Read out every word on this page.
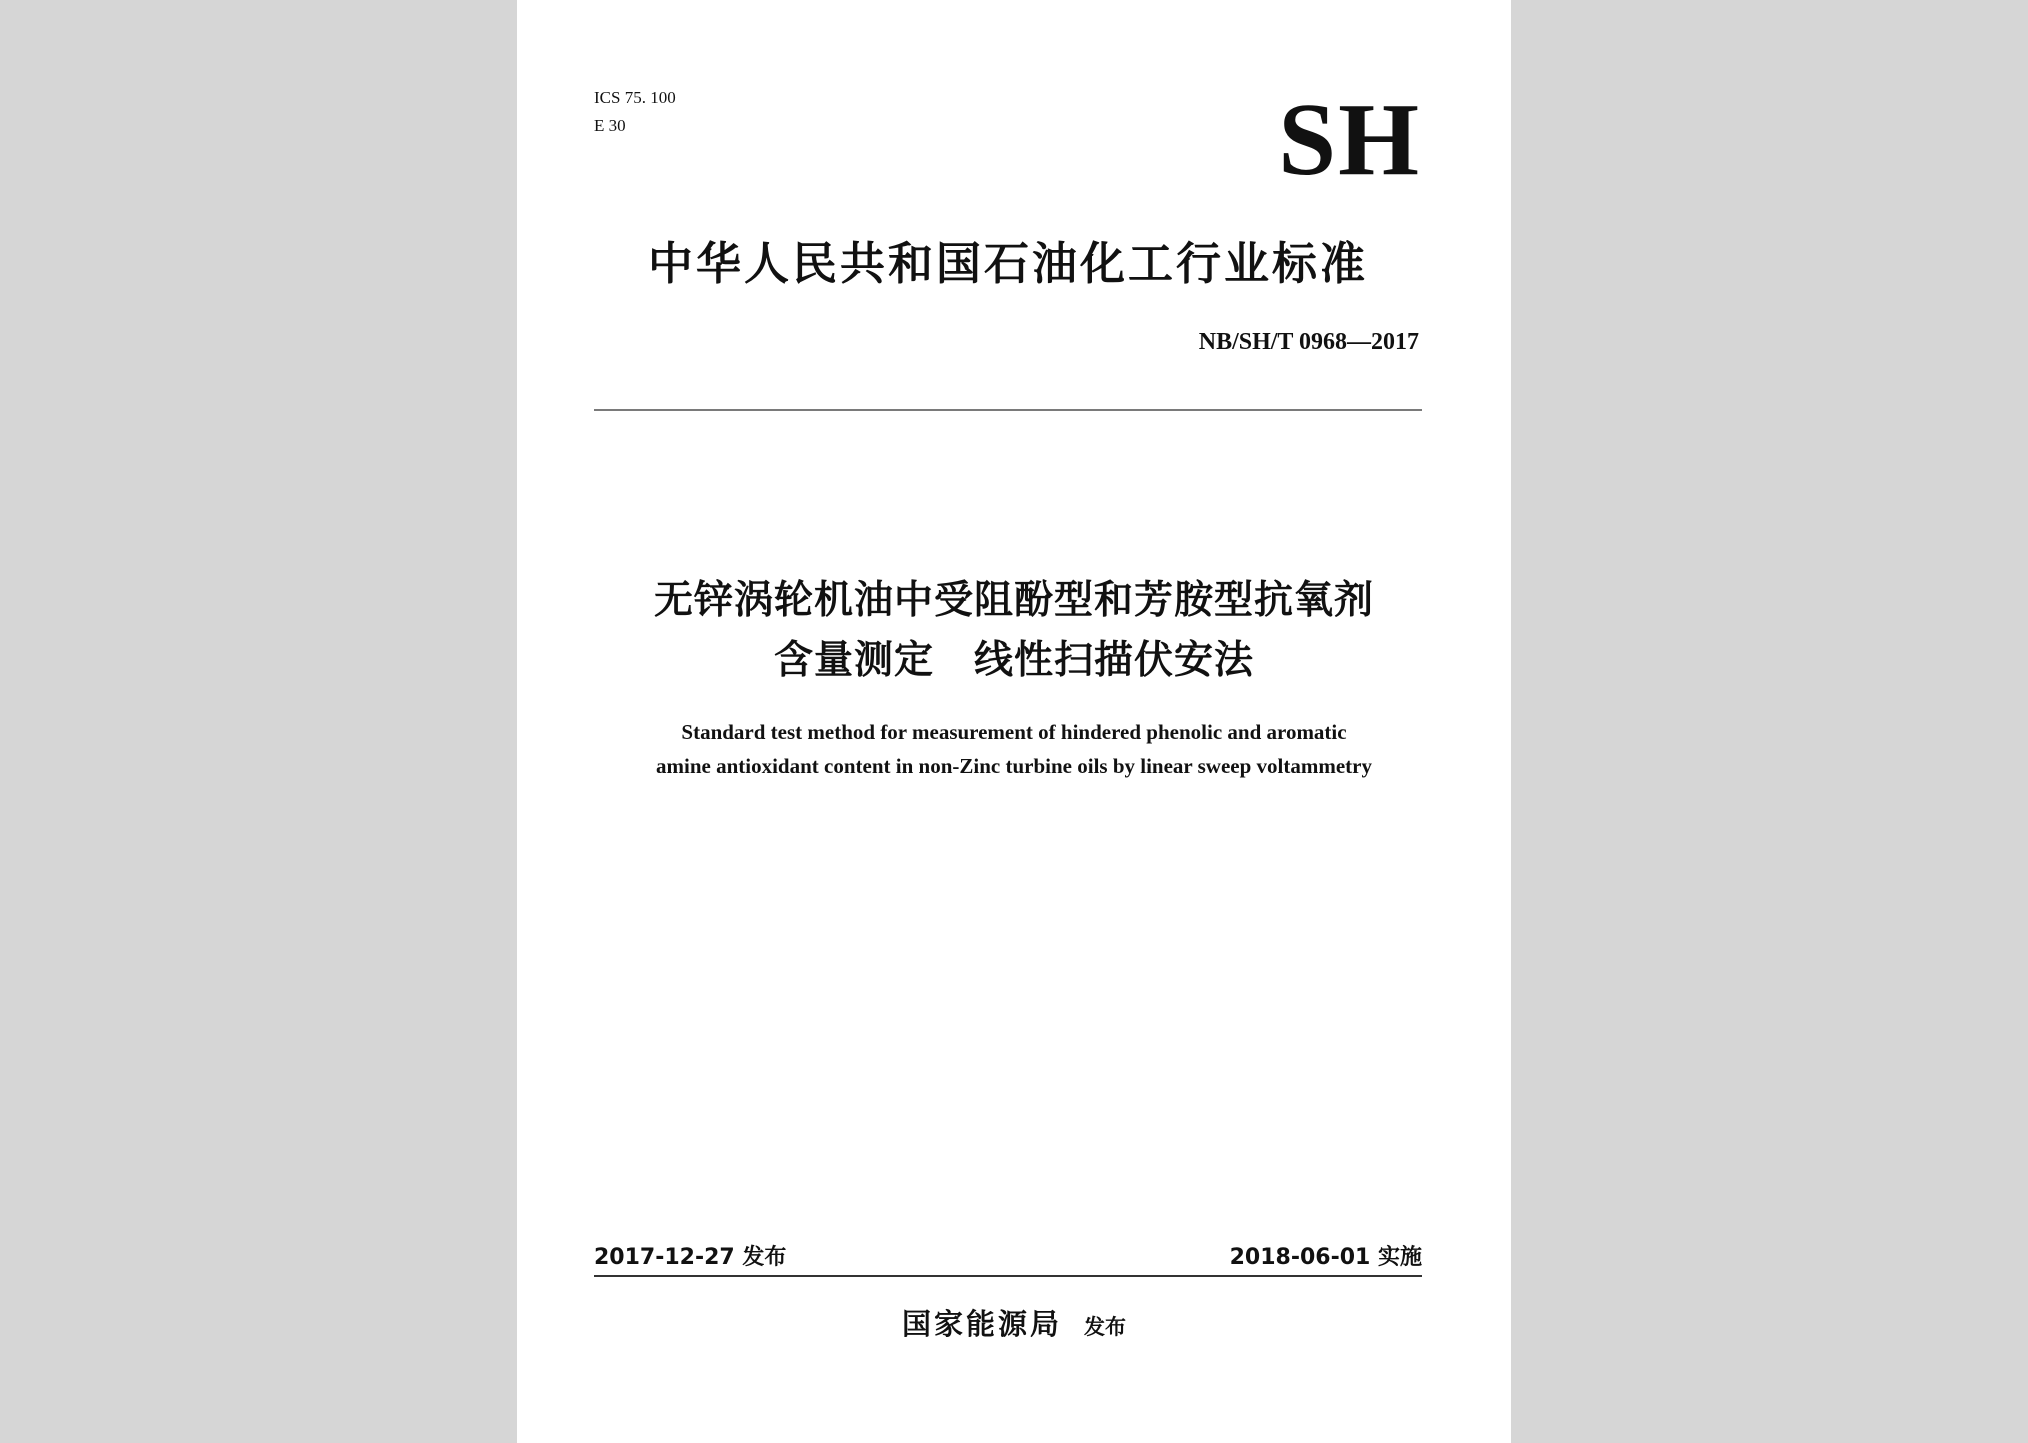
ICS 75. 100
E 30	SH
中华人民共和国石油化工行业标准
NB/SH/T 0968—2017
无锌涡轮机油中受阻酚型和芳胺型抗氧剂
含量测定　线性扫描伏安法
Standard test method for measurement of hindered phenolic and aromatic
amine antioxidant content in non-Zinc turbine oils by linear sweep voltammetry
2017-12-27 发布	2018-06-01 实施
国家能源局 发布
